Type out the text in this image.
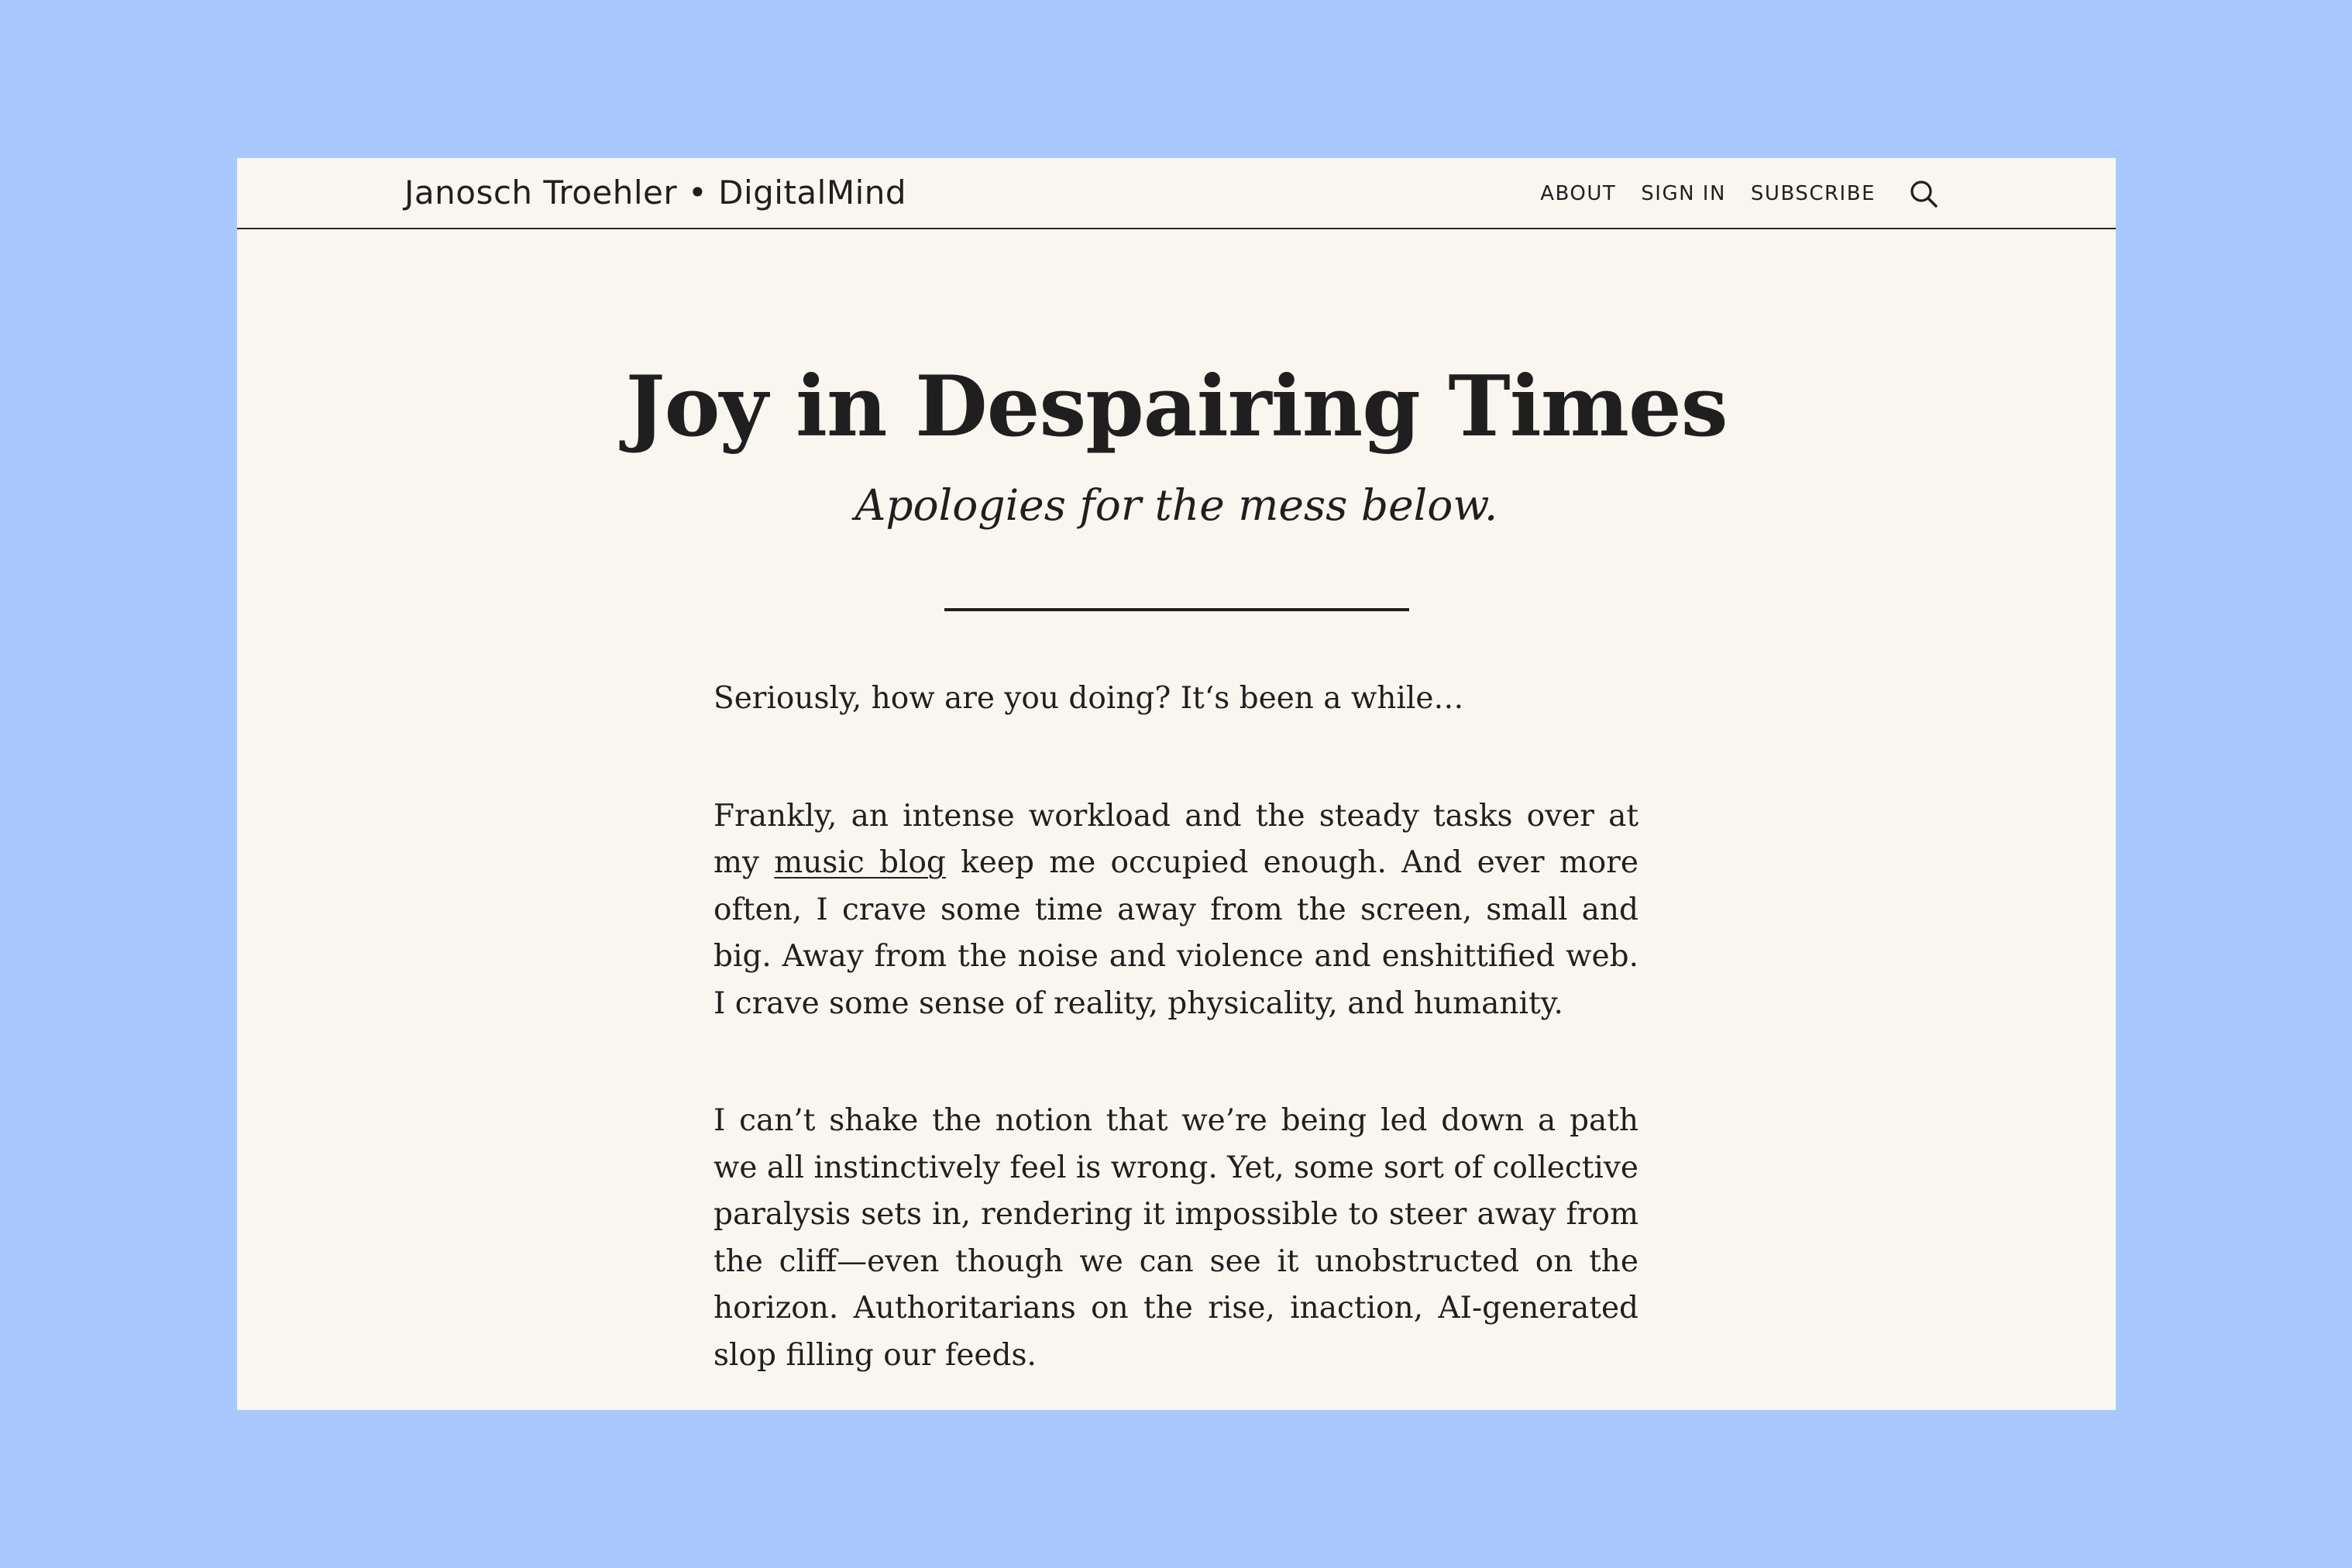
Janosch Troehler • DigitalMind	ABOUT SIGN IN SUBSCRIBE
Joy in Despairing Times
Apologies for the mess below.

Seriously, how are you doing? It‘s been a while…

Frankly, an intense workload and the steady tasks over at my music blog keep me occupied enough. And ever more often, I crave some time away from the screen, small and big. Away from the noise and violence and enshittified web. I crave some sense of reality, physicality, and humanity.

I can’t shake the notion that we’re being led down a path we all instinctively feel is wrong. Yet, some sort of collective paralysis sets in, rendering it impossible to steer away from the cliff—even though we can see it unobstructed on the horizon. Authoritarians on the rise, inaction, AI-generated slop filling our feeds.
